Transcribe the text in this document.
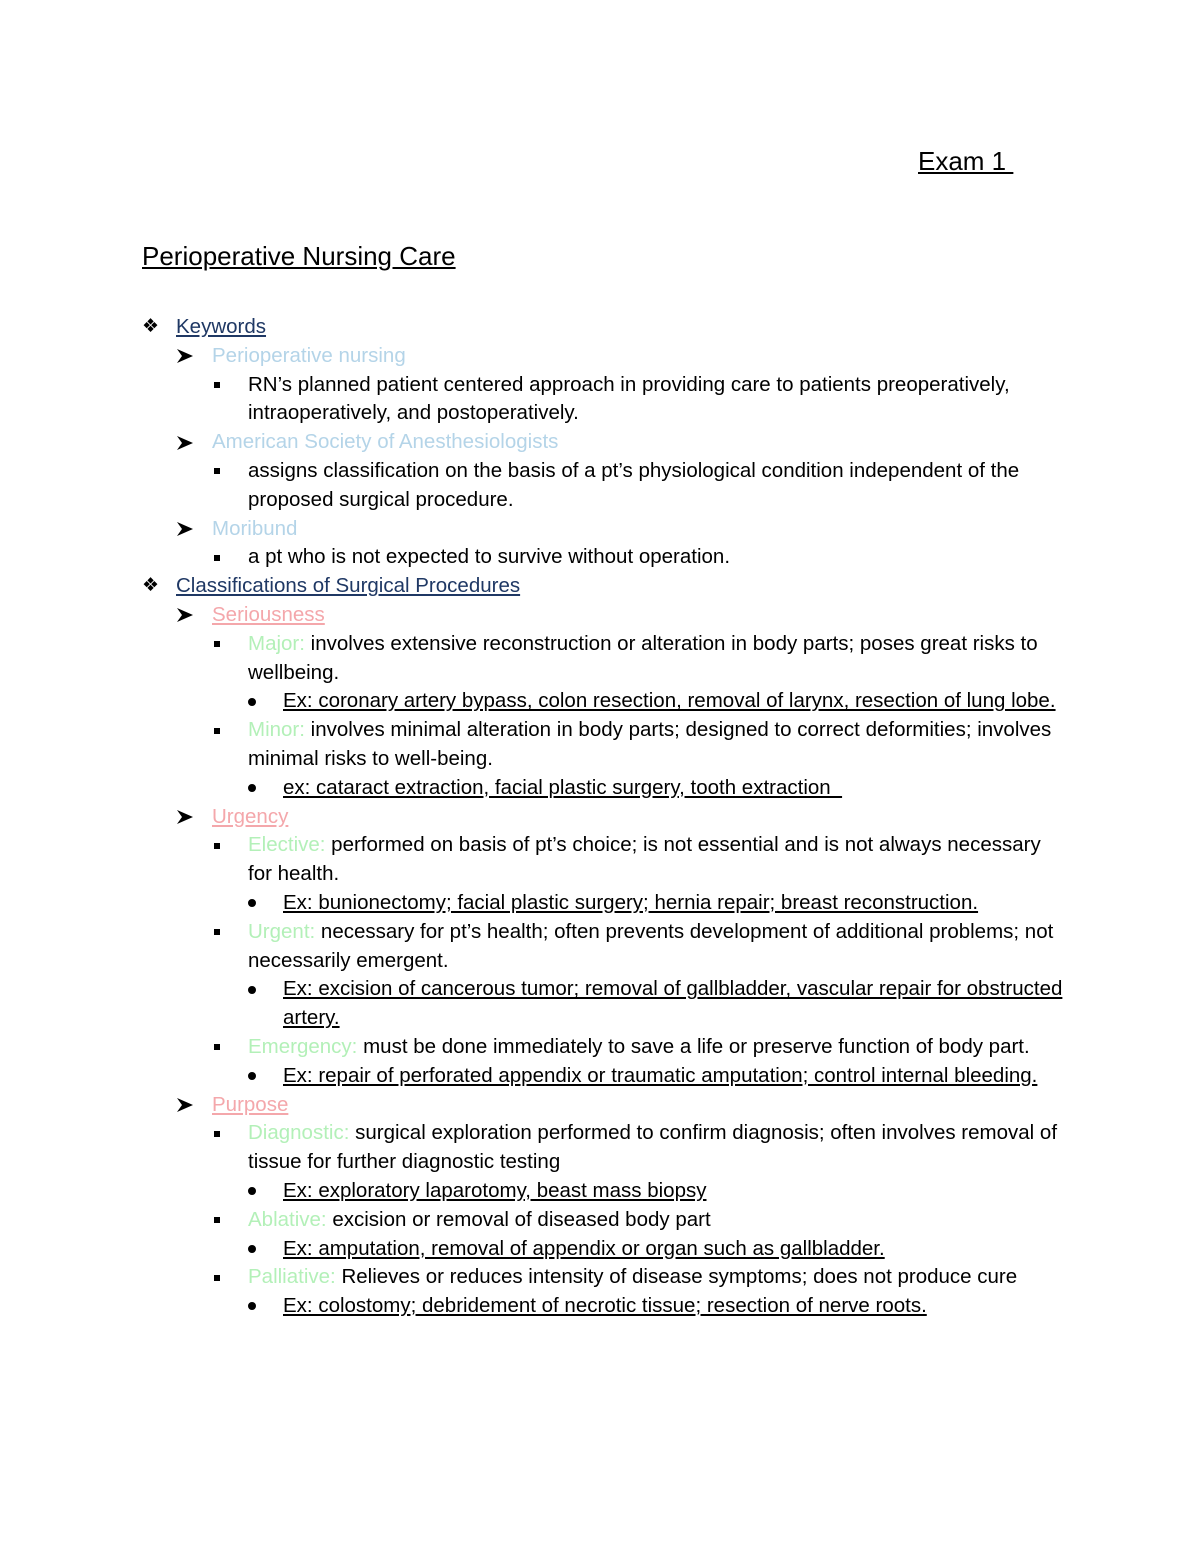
Exam 1
Perioperative Nursing Care
❖ Keywords
Perioperative nursing
RN’s planned patient centered approach in providing care to patients preoperatively, intraoperatively, and postoperatively.
American Society of Anesthesiologists
assigns classification on the basis of a pt’s physiological condition independent of the proposed surgical procedure.
Moribund
a pt who is not expected to survive without operation.
❖ Classifications of Surgical Procedures
Seriousness
Major: involves extensive reconstruction or alteration in body parts; poses great risks to wellbeing.
Ex: coronary artery bypass, colon resection, removal of larynx, resection of lung lobe.
Minor: involves minimal alteration in body parts; designed to correct deformities; involves minimal risks to well-being.
ex: cataract extraction, facial plastic surgery, tooth extraction
Urgency
Elective: performed on basis of pt’s choice; is not essential and is not always necessary for health.
Ex: bunionectomy; facial plastic surgery; hernia repair; breast reconstruction.
Urgent: necessary for pt’s health; often prevents development of additional problems; not necessarily emergent.
Ex: excision of cancerous tumor; removal of gallbladder, vascular repair for obstructed artery.
Emergency: must be done immediately to save a life or preserve function of body part.
Ex: repair of perforated appendix or traumatic amputation; control internal bleeding.
Purpose
Diagnostic: surgical exploration performed to confirm diagnosis; often involves removal of tissue for further diagnostic testing
Ex: exploratory laparotomy, beast mass biopsy
Ablative: excision or removal of diseased body part
Ex: amputation, removal of appendix or organ such as gallbladder.
Palliative: Relieves or reduces intensity of disease symptoms; does not produce cure
Ex: colostomy; debridement of necrotic tissue; resection of nerve roots.
